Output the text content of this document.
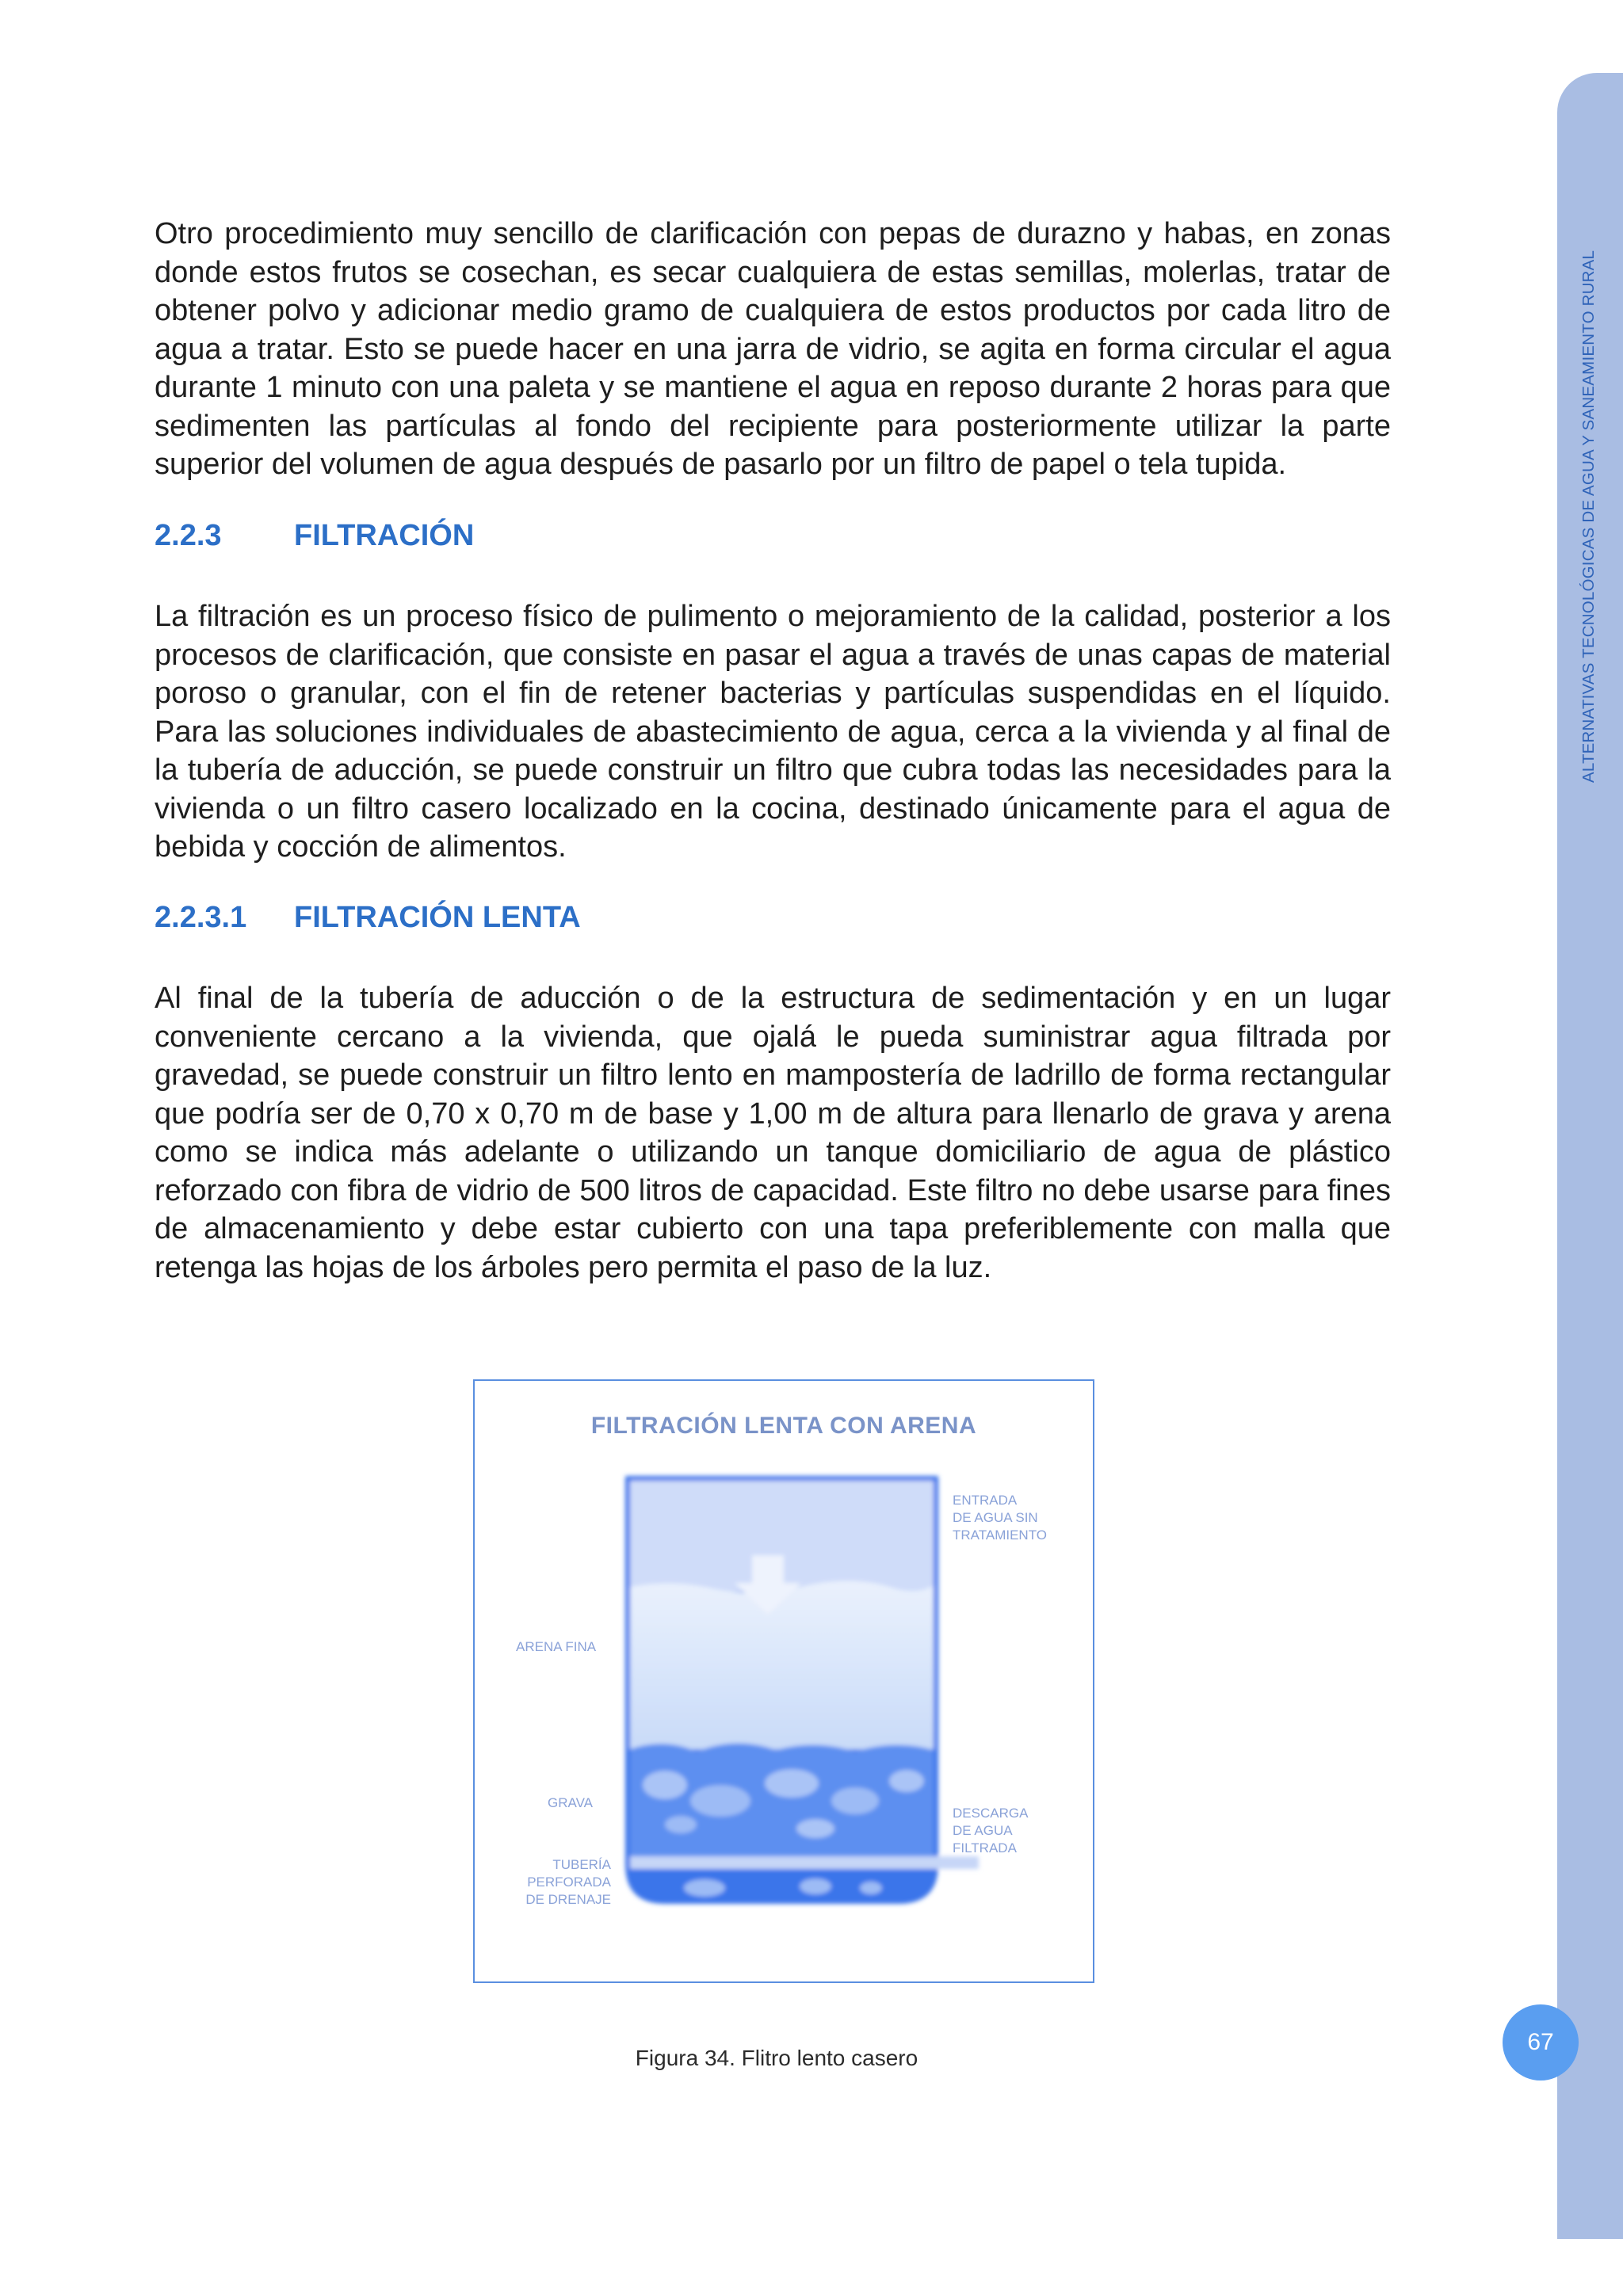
ALTERNATIVAS TECNOLÓGICAS DE AGUA Y SANEAMIENTO RURAL

Otro procedimiento muy sencillo de clarificación con pepas de durazno y habas, en zonas donde estos frutos se cosechan, es secar cualquiera de estas semillas, molerlas, tratar de obtener polvo y adicionar medio gramo de cualquiera de estos productos por cada litro de agua a tratar. Esto se puede hacer en una jarra de vidrio, se agita en forma circular el agua durante 1 minuto con una paleta y se mantiene el agua en reposo durante 2 horas para que sedimenten las partículas al fondo del recipiente para posteriormente utilizar la parte superior del volumen de agua después de pasarlo por un filtro de papel o tela tupida.

2.2.3 FILTRACIÓN

La filtración es un proceso físico de pulimento o mejoramiento de la calidad, posterior a los procesos de clarificación, que consiste en pasar el agua a través de unas capas de material poroso o granular, con el fin de retener bacterias y partículas suspendidas en el líquido. Para las soluciones individuales de abastecimiento de agua, cerca a la vivienda y al final de la tubería de aducción, se puede construir un filtro que cubra todas las necesidades para la vivienda o un filtro casero localizado en la cocina, destinado únicamente para el agua de bebida y cocción de alimentos.

2.2.3.1 FILTRACIÓN LENTA

Al final de la tubería de aducción o de la estructura de sedimentación y en un lugar conveniente cercano a la vivienda, que ojalá le pueda suministrar agua filtrada por gravedad, se puede construir un filtro lento en mampostería de ladrillo de forma rectangular que podría ser de 0,70 x 0,70 m de base y 1,00 m de altura para llenarlo de grava y arena como se indica más adelante o utilizando un tanque domiciliario de agua de plástico reforzado con fibra de vidrio de 500 litros de capacidad. Este filtro no debe usarse para fines de almacenamiento y debe estar cubierto con una tapa preferiblemente con malla que retenga las hojas de los árboles pero permita el paso de la luz.

FILTRACIÓN LENTA CON ARENA
ENTRADA
DE AGUA SIN
TRATAMIENTO
ARENA FINA
GRAVA
TUBERÍA
PERFORADA
DE DRENAJE
DESCARGA
DE AGUA
FILTRADA
Figura 34. Flitro lento casero
67
